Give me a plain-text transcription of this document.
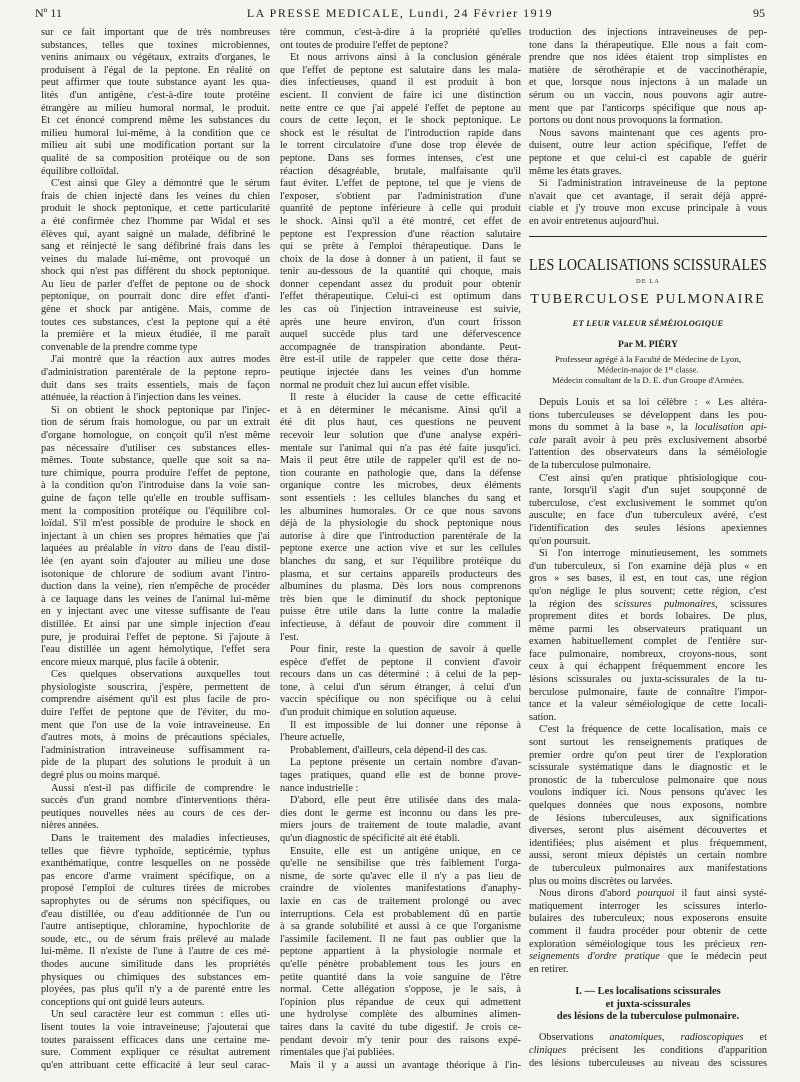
Nº 11	LA PRESSE MEDICALE, Lundi, 24 Février 1919	95
sur ce fait important que de très nombreuses
substances, telles que toxines microbiennes,
venins animaux ou végétaux, extraits d'organes, le
produisent à l'égal de la peptone. En réalité on
peut affirmer que toute substance ayant les qua-
lités d'un antigène, c'est-à-dire toute protéine
étrangère au milieu humoral normal, le produit.
Et cet énoncé comprend même les substances du
milieu humoral lui-même, à la condition que ce
milieu ait subi une modification portant sur la
qualité de sa composition protéique ou de son
équilibre colloïdal.
C'est ainsi que Gley a démontré que le sérum
frais de chien injecté dans les veines du chien
produit le shock peptonique, et cette particularité
a été confirmée chez l'homme par Widal et ses
élèves qui, ayant saigné un malade, défibriné le
sang et réinjecté le sang défibriné frais dans les
veines du malade lui-même, ont provoqué un
shock qui n'est pas différent du shock peptonique.
Au lieu de parler d'effet de peptone ou de shock
peptonique, on pourrait donc dire effet d'anti-
gène et shock par antigène. Mais, comme de
toutes ces substances, c'est la peptone qui a été
la première et la mieux étudiée, il me paraît
convenable de la prendre comme type
J'ai montré que la réaction aux autres modes
d'administration parentérale de la peptone repro-
duit dans ses traits essentiels, mais de façon
atténuée, la réaction à l'injection dans les veines.
Si on obtient le shock peptonique par l'injec-
tion de sérum frais homologue, ou par un extrait
d'organe homologue, on conçoit qu'il n'est même
pas nécessaire d'utiliser ces substances elles-
mêmes. Toute substance, quelle que soit sa na-
ture chimique, pourra produire l'effet de peptone,
à la condition qu'on l'introduise dans la voie san-
guine de façon telle qu'elle en trouble suffisam-
ment la composition protéique ou l'équilibre col-
loïdal. S'il m'est possible de produire le shock en
injectant à un chien ses propres hématies que j'ai
laquées au préalable in vitro dans de l'eau distil-
lée (en ayant soin d'ajouter au milieu une dose
isotonique de chlorure de sodium avant l'intro-
duction dans la veine), rien n'empêche de procéder
à ce laquage dans les veines de l'animal lui-même
en y injectant avec une vitesse suffisante de l'eau
distillée. Et ainsi par une simple injection d'eau
pure, je produirai l'effet de peptone. Si j'ajoute à
l'eau distillée un agent hémolytique, l'effet sera
encore mieux marqué, plus facile à obtenir.
Ces quelques observations auxquelles tout
physiologiste souscrira, j'espère, permettent de
comprendre aisément qu'il est plus facile de pro-
duire l'effet de peptone que de l'éviter, du mo-
ment que l'on use de la voie intraveineuse. En
d'autres mots, à moins de précautions spéciales,
l'administration intraveineuse suffisamment ra-
pide de la plupart des solutions le produit à un
degré plus ou moins marqué.
Aussi n'est-il pas difficile de comprendre le
succès d'un grand nombre d'interventions théra-
peutiques nouvelles nées au cours de ces der-
nières années.
Dans le traitement des maladies infectieuses,
telles que fièvre typhoïde, septicémie, typhus
exanthématique, contre lesquelles on ne possède
pas encore d'arme vraiment spécifique, on a
proposé l'emploi de cultures tirées de microbes
saprophytes ou de sérums non spécifiques, ou
d'eau distillée, ou d'eau additionnée de l'un ou
l'autre antiseptique, chloramine, hypochlorite de
soude, etc., ou de sérum frais prélevé au malade
lui-même. Il n'existe de l'une à l'autre de ces mé-
thodes aucune similitude dans les propriétés
physiques ou chimiques des substances em-
ployées, pas plus qu'il n'y a de parenté entre les
conceptions qui ont guidé leurs auteurs.
Un seul caractère leur est commun : elles uti-
lisent toutes la voie intraveineuse; j'ajouterai que
toutes paraissent efficaces dans une certaine me-
sure. Comment expliquer ce résultat autrement
qu'en attribuant cette efficacité à leur seul carac-
tère commun, c'est-à-dire à la propriété qu'elles
ont toutes de produire l'effet de peptone?
Et nous arrivons ainsi à la conclusion générale
que l'effet de peptone est salutaire dans les mala-
dies infectieuses, quand il est produit à bon
escient. Il convient de faire ici une distinction
nette entre ce que j'ai appelé l'effet de peptone au
cours de cette leçon, et le shock peptonique. Le
shock est le résultat de l'introduction rapide dans
le torrent circulatoire d'une dose trop élevée de
peptone. Dans ses formes intenses, c'est une
réaction désagréable, brutale, malfaisante qu'il
faut éviter. L'effet de peptone, tel que je viens de
l'exposer, s'obtient par l'administration d'une
quantité de peptone inférieure à celle qui produit
le shock. Ainsi qu'il a été montré, cet effet de
peptone est l'expression d'une réaction salutaire
qui se prête à l'emploi thérapeutique. Dans le
choix de la dose à donner à un patient, il faut se
tenir au-dessous de la quantité qui choque, mais
donner cependant assez du produit pour obtenir
l'effet thérapeutique. Celui-ci est optimum dans
les cas où l'injection intraveineuse est suivie,
après une heure environ, d'un court frisson
auquel succède plus tard une défervescence
accompagnée de transpiration abondante. Peut-
être est-il utile de rappeler que cette dose théra-
peutique injectée dans les veines d'un homme
normal ne produit chez lui aucun effet visible.
Il reste à élucider la cause de cette efficacité
et à en déterminer le mécanisme. Ainsi qu'il a
été dit plus haut, ces questions ne peuvent
recevoir leur solution que d'une analyse expéri-
mentale sur l'animal qui n'a pas été faite jusqu'ici.
Mais il peut être utile de rappeler qu'il est de no-
tion courante en pathologie que, dans la défense
organique contre les microbes, deux éléments
sont essentiels : les cellules blanches du sang et
les albumines humorales. Or ce que nous savons
déjà de la physiologie du shock peptonique nous
autorise à dire que l'introduction parentérale de la
peptone exerce une action vive et sur les cellules
blanches du sang, et sur l'équilibre protéique du
plasma, et sur certains appareils producteurs des
albumines du plasma. Dès lors nous comprenons
très bien que le diminutif du shock peptonique
puisse être utile dans la lutte contre la maladie
infectieuse, à défaut de pouvoir dire comment il
l'est.
Pour finir, reste la question de savoir à quelle
espèce d'effet de peptone il convient d'avoir
recours dans un cas déterminé : à celui de la pep-
tone, à celui d'un sérum étranger, à celui d'un
vaccin spécifique ou non spécifique ou à celui
d'un produit chimique en solution aqueuse.
Il est impossible de lui donner une réponse à
l'heure actuelle,
Probablement, d'ailleurs, cela dépend-il des cas.
La peptone présente un certain nombre d'avan-
tages pratiques, quand elle est de bonne prove-
nance industrielle :
D'abord, elle peut être utilisée dans des mala-
dies dont le germe est inconnu ou dans les pre-
miers jours de traitement de toute maladie, avant
qu'un diagnostic de spécificité ait été établi.
Ensuite, elle est un antigène unique, en ce
qu'elle ne sensibilise que très faiblement l'orga-
nisme, de sorte qu'avec elle il n'y a pas lieu de
craindre de violentes manifestations d'anaphy-
laxie en cas de traitement prolongé ou avec
interruptions. Cela est probablement dû en partie
à sa grande solubilité et aussi à ce que l'organisme
l'assimile facilement. Il ne faut pas oublier que la
peptone appartient à la physiologie normale et
qu'elle pénètre probablement tous les jours en
petite quantité dans la voie sanguine de l'être
normal. Cette allégation s'oppose, je le sais, à
l'opinion plus répandue de ceux qui admettent
une hydrolyse complète des albumines alimen-
taires dans la cavité du tube digestif. Je crois ce-
pendant devoir m'y tenir pour des raisons expé-
rimentales que j'ai publiées.
Mais il y a aussi un avantage théorique à l'in-
troduction des injections intraveineuses de pep-
tone dans la thérapeutique. Elle nous a fait com-
prendre que nos idées étaient trop simplistes en
matière de sérothérapie et de vaccinothérapie,
et que, lorsque nous injectons à un malade un
sérum ou un vaccin, nous pouvons agir autre-
ment que par l'anticorps spécifique que nous ap-
portons ou dont nous provoquons la formation.
Nous savons maintenant que ces agents pro-
duisent, outre leur action spécifique, l'effet de
peptone et que celui-ci est capable de guérir
même les états graves.
Si l'administration intraveineuse de la peptone
n'avait que cet avantage, il serait déjà appré-
ciable et j'y trouve mon excuse principale à vous
en avoir entretenus aujourd'hui.
LES LOCALISATIONS SCISSURALES
DE LA
TUBERCULOSE PULMONAIRE
ET LEUR VALEUR SÉMÉIOLOGIQUE
Par M. PIÉRY
Professeur agrégé à la Faculté de Médecine de Lyon,
Médecin-major de 1re classe.
Médecin consultant de la D. E. d'un Groupe d'Armées.
Depuis Louis et sa loi célèbre : « Les altéra-
tions tuberculeuses se développent dans les pou-
mons du sommet à la base », la localisation api-
cale paraît avoir à peu près exclusivement absorbé
l'attention des observateurs dans la séméiologie
de la tuberculose pulmonaire.
C'est ainsi qu'en pratique phtisiologique cou-
rante, lorsqu'il s'agit d'un sujet soupçonné de
tuberculose, c'est exclusivement le sommet qu'on
ausculte; en face d'un tuberculeux avéré, c'est
l'identification des seules lésions apexiennes
qu'on poursuit.
Si l'on interroge minutieusement, les sommets
d'un tuberculeux, si l'on examine déjà plus « en
gros » ses bases, il est, en tout cas, une région
qu'on néglige le plus souvent; cette région, c'est
la région des scissures pulmonaires, scissures
proprement dites et bords lobaires. De plus,
même parmi les observateurs pratiquant un
examen habituellement complet de l'entière sur-
face pulmonaire, nombreux, croyons-nous, sont
ceux à qui échappent fréquemment encore les
lésions scissurales ou juxta-scissurales de la tu-
berculose pulmonaire, faute de connaître l'impor-
tance et la valeur séméiologique de cette locali-
sation.
C'est la fréquence de cette localisation, mais ce
sont surtout les renseignements pratiques de
premier ordre qu'on peut tirer de l'exploration
scissurale systématique dans le diagnostic et le
pronostic de la tuberculose pulmonaire que nous
voulons indiquer ici. Nous pensons qu'avec les
quelques données que nous exposons, nombre
de lésions tuberculeuses, aux significations
diverses, seront plus aisément découvertes et
identifiées; plus aisément et plus fréquemment,
aussi, seront mieux dépistés un certain nombre
de tuberculeux pulmonaires aux manifestations
plus ou moins discrètes ou larvées.
Nous dirons d'abord pourquoi il faut ainsi systé-
matiquement interroger les scissures interlo-
bulaires des tuberculeux; nous exposerons ensuite
comment il faudra procéder pour obtenir de cette
exploration séméiologique tous les précieux ren-
seignements d'ordre pratique que le médecin peut
en retirer.
I. — Les localisations scissurales
et juxta-scissurales
des lésions de la tuberculose pulmonaire.
Observations anatomiques, radioscopiques et
cliniques précisent les conditions d'apparition
des lésions tuberculeuses au niveau des scissures
